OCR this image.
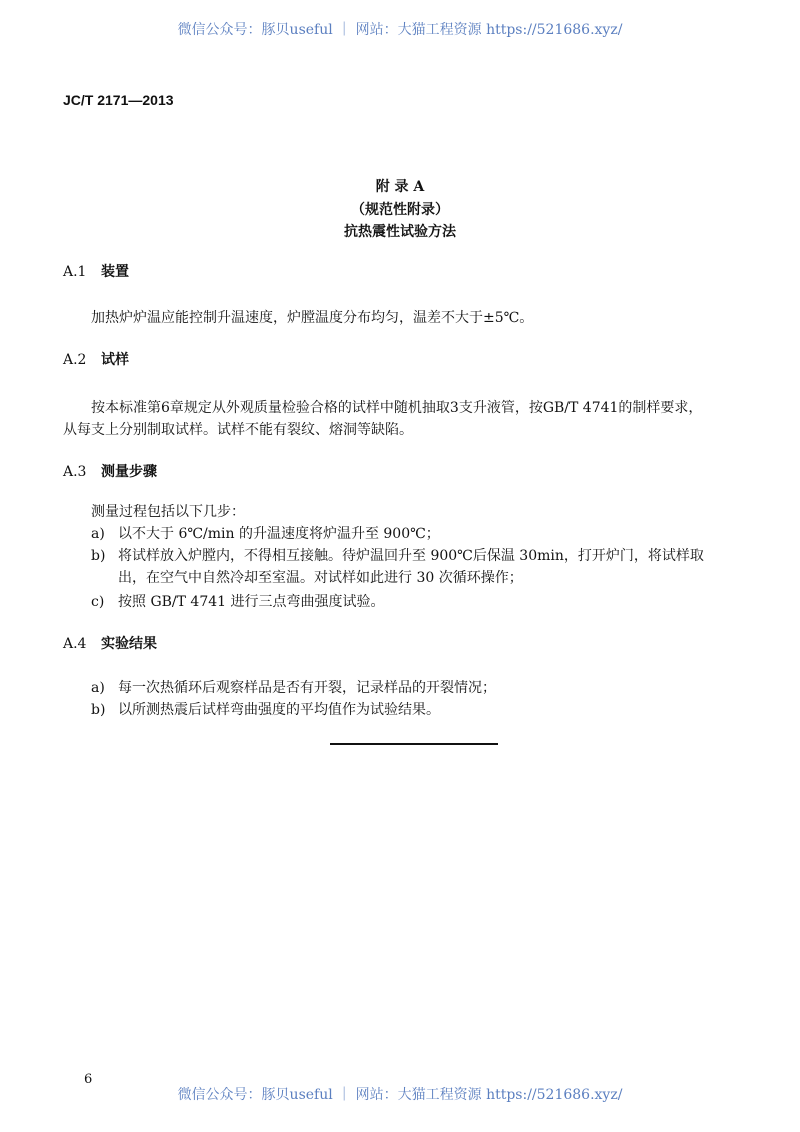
微信公众号：豚贝useful ｜ 网站：大猫工程资源 https://521686.xyz/
JC/T 2171—2013
附 录 A
（规范性附录）
抗热震性试验方法
A.1 装置
加热炉炉温应能控制升温速度，炉膛温度分布均匀，温差不大于±5℃。
A.2 试样
按本标准第6章规定从外观质量检验合格的试样中随机抽取3支升液管，按GB/T 4741的制样要求，
从每支上分别制取试样。试样不能有裂纹、熔洞等缺陷。
A.3 测量步骤
测量过程包括以下几步：
a) 以不大于 6℃/min 的升温速度将炉温升至 900℃；
b) 将试样放入炉膛内，不得相互接触。待炉温回升至 900℃后保温 30min，打开炉门，将试样取
出，在空气中自然冷却至室温。对试样如此进行 30 次循环操作；
c) 按照 GB/T 4741 进行三点弯曲强度试验。
A.4 实验结果
a) 每一次热循环后观察样品是否有开裂，记录样品的开裂情况；
b) 以所测热震后试样弯曲强度的平均值作为试验结果。
6
微信公众号：豚贝useful ｜ 网站：大猫工程资源 https://521686.xyz/
